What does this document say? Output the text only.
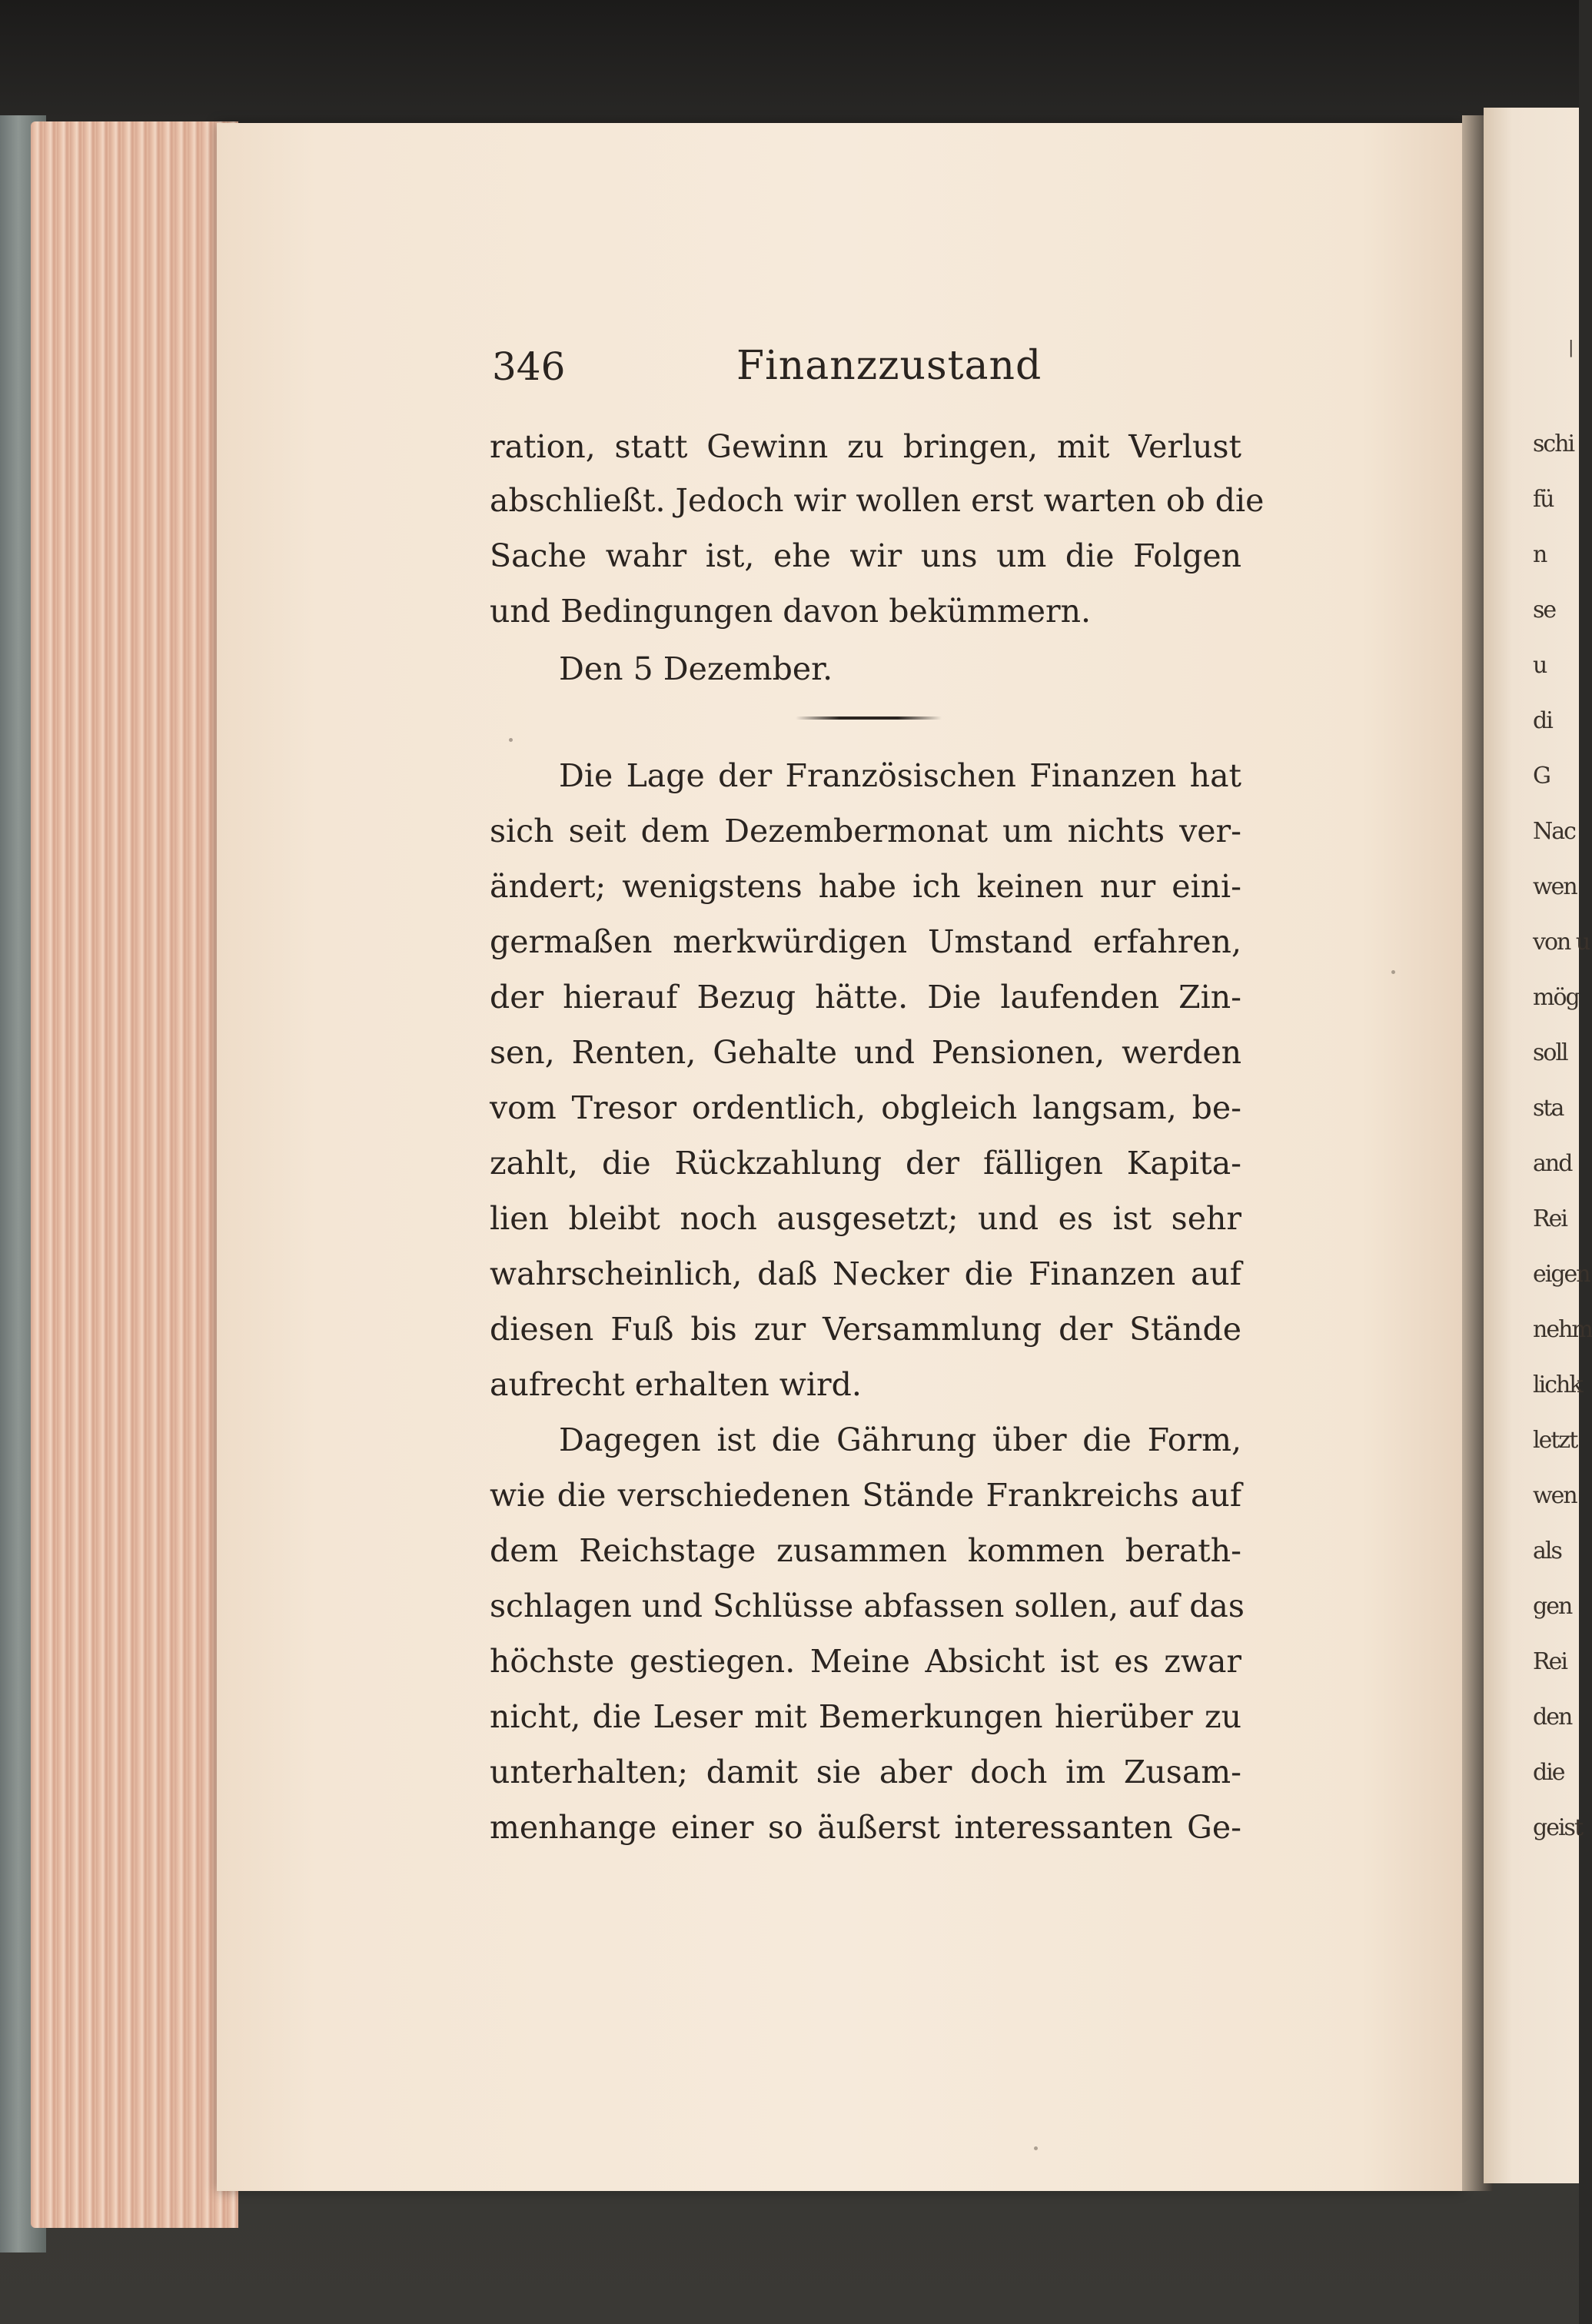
|
schi
fü
n
se
u
di
G
Nac
wen
von u
mög
soll
sta
and
Rei
eigen
nehm
lichk
letzt
wen
als
gen
Rei
den
die
geist
346	Finanzzustand
ration, statt Gewinn zu bringen, mit Verlust
abschließt. Jedoch wir wollen erst warten ob die
Sache wahr ist, ehe wir uns um die Folgen
und Bedingungen davon bekümmern.
Den 5 Dezember.
Die Lage der Französischen Finanzen hat
sich seit dem Dezembermonat um nichts ver-
ändert; wenigstens habe ich keinen nur eini-
germaßen merkwürdigen Umstand erfahren,
der hierauf Bezug hätte. Die laufenden Zin-
sen, Renten, Gehalte und Pensionen, werden
vom Tresor ordentlich, obgleich langsam, be-
zahlt, die Rückzahlung der fälligen Kapita-
lien bleibt noch ausgesetzt; und es ist sehr
wahrscheinlich, daß Necker die Finanzen auf
diesen Fuß bis zur Versammlung der Stände
aufrecht erhalten wird.
Dagegen ist die Gährung über die Form,
wie die verschiedenen Stände Frankreichs auf
dem Reichstage zusammen kommen berath-
schlagen und Schlüsse abfassen sollen, auf das
höchste gestiegen. Meine Absicht ist es zwar
nicht, die Leser mit Bemerkungen hierüber zu
unterhalten; damit sie aber doch im Zusam-
menhange einer so äußerst interessanten Ge-
